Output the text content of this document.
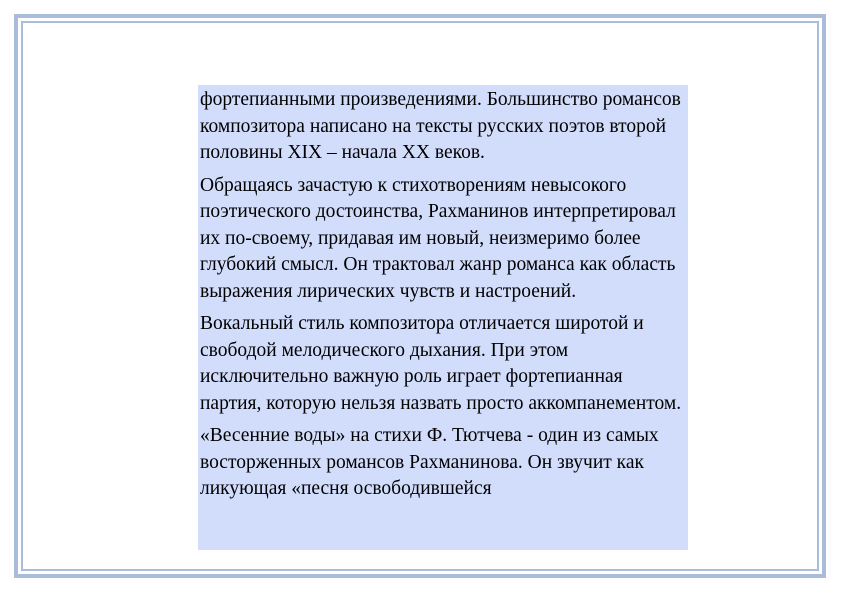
фортепианными произведениями. Большинство романсов композитора написано на тексты русских поэтов второй половины XIX – начала XX веков.

Обращаясь зачастую к стихотворениям невысокого поэтического достоинства, Рахманинов интерпретировал их по-своему, придавая им новый, неизмеримо более глубокий смысл. Он трактовал жанр романса как область выражения лирических чувств и настроений.

Вокальный стиль композитора отличается широтой и свободой мелодического дыхания. При этом исключительно важную роль играет фортепианная партия, которую нельзя назвать просто аккомпанементом.

«Весенние воды» на стихи Ф. Тютчева - один из самых восторженных романсов Рахманинова. Он звучит как ликующая «песня освободившейся
